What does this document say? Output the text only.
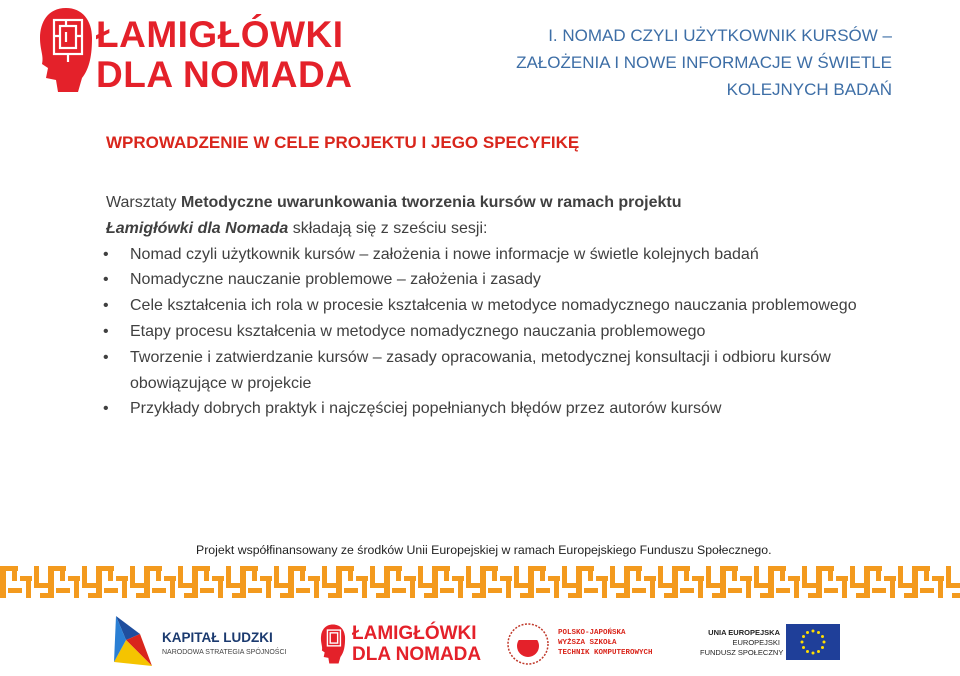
ŁAMIGŁÓWKI
DLA NOMADA
I. NOMAD CZYLI UŻYTKOWNIK KURSÓW –
ZAŁOŻENIA I NOWE INFORMACJE W ŚWIETLE
KOLEJNYCH BADAŃ
WPROWADZENIE W CELE PROJEKTU I JEGO SPECYFIKĘ

Warsztaty Metodyczne uwarunkowania tworzenia kursów w ramach projektu
Łamigłówki dla Nomada składają się z sześciu sesji:

• Nomad czyli użytkownik kursów – założenia i nowe informacje w świetle kolejnych badań
• Nomadyczne nauczanie problemowe – założenia i zasady
• Cele kształcenia ich rola w procesie kształcenia w metodyce nomadycznego nauczania problemowego
• Etapy procesu kształcenia w metodyce nomadycznego nauczania problemowego
• Tworzenie i zatwierdzanie kursów – zasady opracowania, metodycznej konsultacji i odbioru kursów obowiązujące w projekcie
• Przykłady dobrych praktyk i najczęściej popełnianych błędów przez autorów kursów
Projekt współfinansowany ze środków Unii Europejskiej w ramach Europejskiego Funduszu Społecznego.
KAPITAŁ LUDZKI
NARODOWA STRATEGIA SPÓJNOŚCI
ŁAMIGŁÓWKI
DLA NOMADA
POLSKO-JAPOŃSKA
WYŻSZA SZKOŁA
TECHNIK KOMPUTEROWYCH
UNIA EUROPEJSKA
EUROPEJSKI
FUNDUSZ SPOŁECZNY
